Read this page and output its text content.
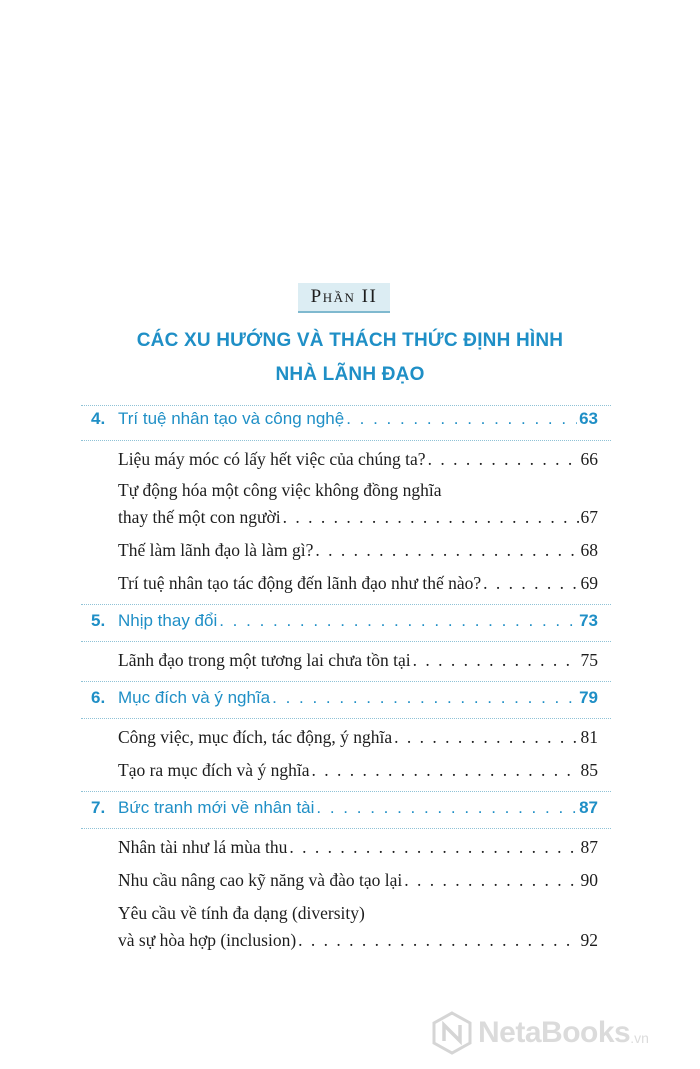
Phần II
CÁC XU HƯỚNG VÀ THÁCH THỨC ĐỊNH HÌNH
NHÀ LÃNH ĐẠO
4. Trí tuệ nhân tạo và công nghệ . . .	63
Liệu máy móc có lấy hết việc của chúng ta? . . .	66
Tự động hóa một công việc không đồng nghĩa
thay thế một con người . . .	67
Thế làm lãnh đạo là làm gì? . . .	68
Trí tuệ nhân tạo tác động đến lãnh đạo như thế nào? . . .	69
5. Nhịp thay đổi . . .	73
Lãnh đạo trong một tương lai chưa tồn tại . . .	75
6. Mục đích và ý nghĩa . . .	79
Công việc, mục đích, tác động, ý nghĩa . . .	81
Tạo ra mục đích và ý nghĩa . . .	85
7. Bức tranh mới về nhân tài . . .	87
Nhân tài như lá mùa thu . . .	87
Nhu cầu nâng cao kỹ năng và đào tạo lại . . .	90
Yêu cầu về tính đa dạng (diversity)
và sự hòa hợp (inclusion) . . .	92
NetaBooks .vn
